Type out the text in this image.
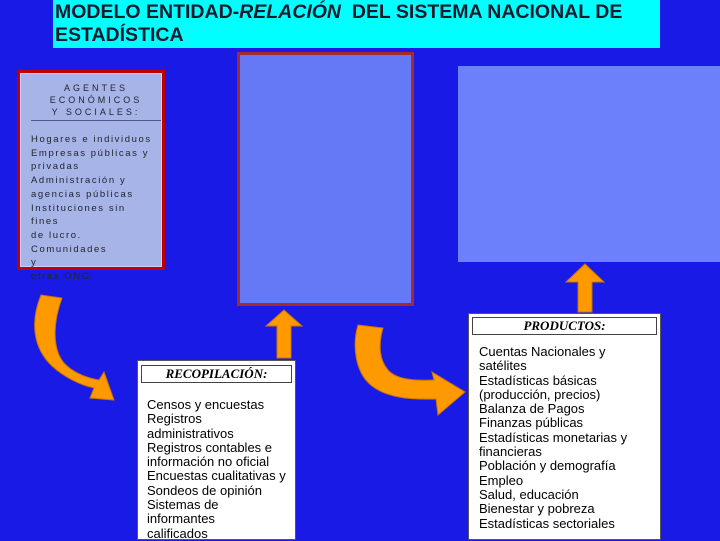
MODELO ENTIDAD-RELACIÓN  DEL SISTEMA NACIONAL DE
ESTADÍSTICA
AGENTES
ECONÓMICOS
Y SOCIALES:
Hogares e individuos
Empresas públicas y
privadas
Administración y
agencias públicas
Instituciones sin fines
de lucro. Comunidades
y
otras ONG
RECOPILACIÓN:
Censos y encuestas
Registros
administrativos
Registros contables e
información no oficial
Encuestas cualitativas y
Sondeos de opinión
Sistemas de
informantes
calificados
PRODUCTOS:
Cuentas Nacionales y
satélites
Estadísticas básicas
(producción, precios)
Balanza de Pagos
Finanzas públicas
Estadísticas monetarias y
financieras
Población y demografía
Empleo
Salud, educación
Bienestar y pobreza
Estadísticas sectoriales
